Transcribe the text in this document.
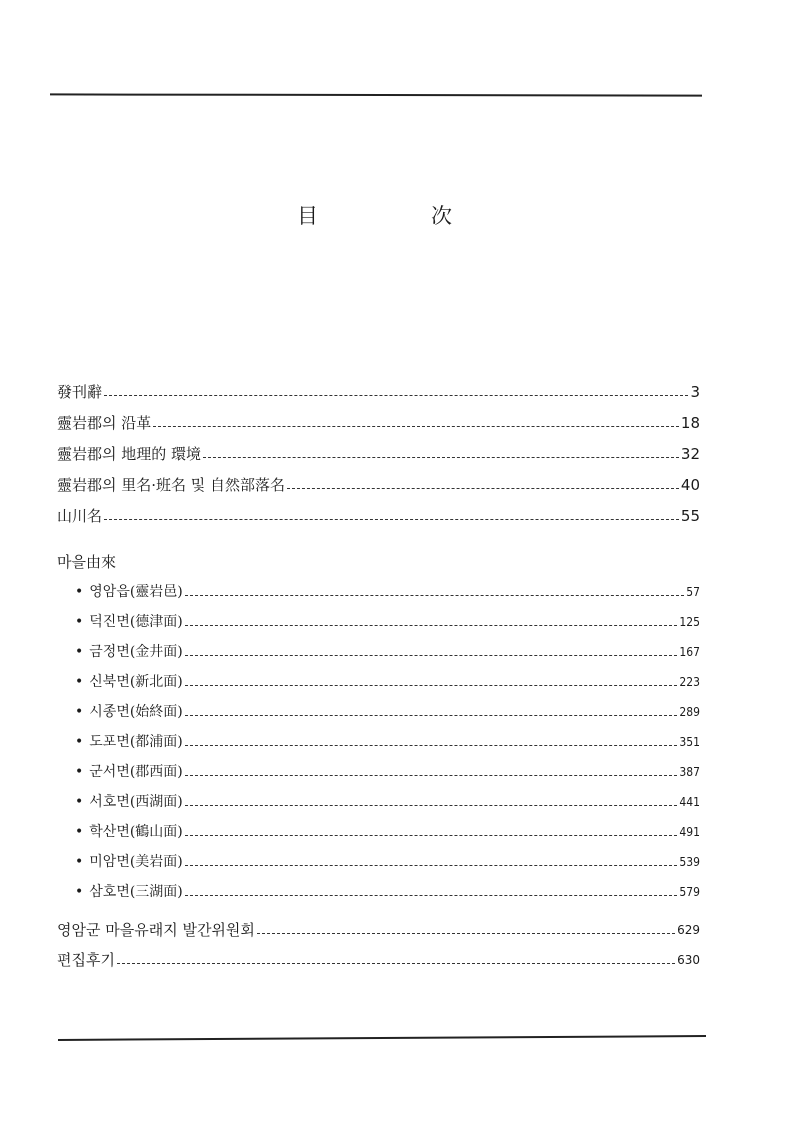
目	次
發刊辭	3
靈岩郡의 沿革	18
靈岩郡의 地理的 環境	32
靈岩郡의 里名·班名 및 自然部落名	40
山川名	55
마을由來
• 영암읍(靈岩邑)	57
• 덕진면(德津面)	125
• 금정면(金井面)	167
• 신북면(新北面)	223
• 시종면(始終面)	289
• 도포면(都浦面)	351
• 군서면(郡西面)	387
• 서호면(西湖面)	441
• 학산면(鶴山面)	491
• 미암면(美岩面)	539
• 삼호면(三湖面)	579
영암군 마을유래지 발간위원회	629
편집후기	630
